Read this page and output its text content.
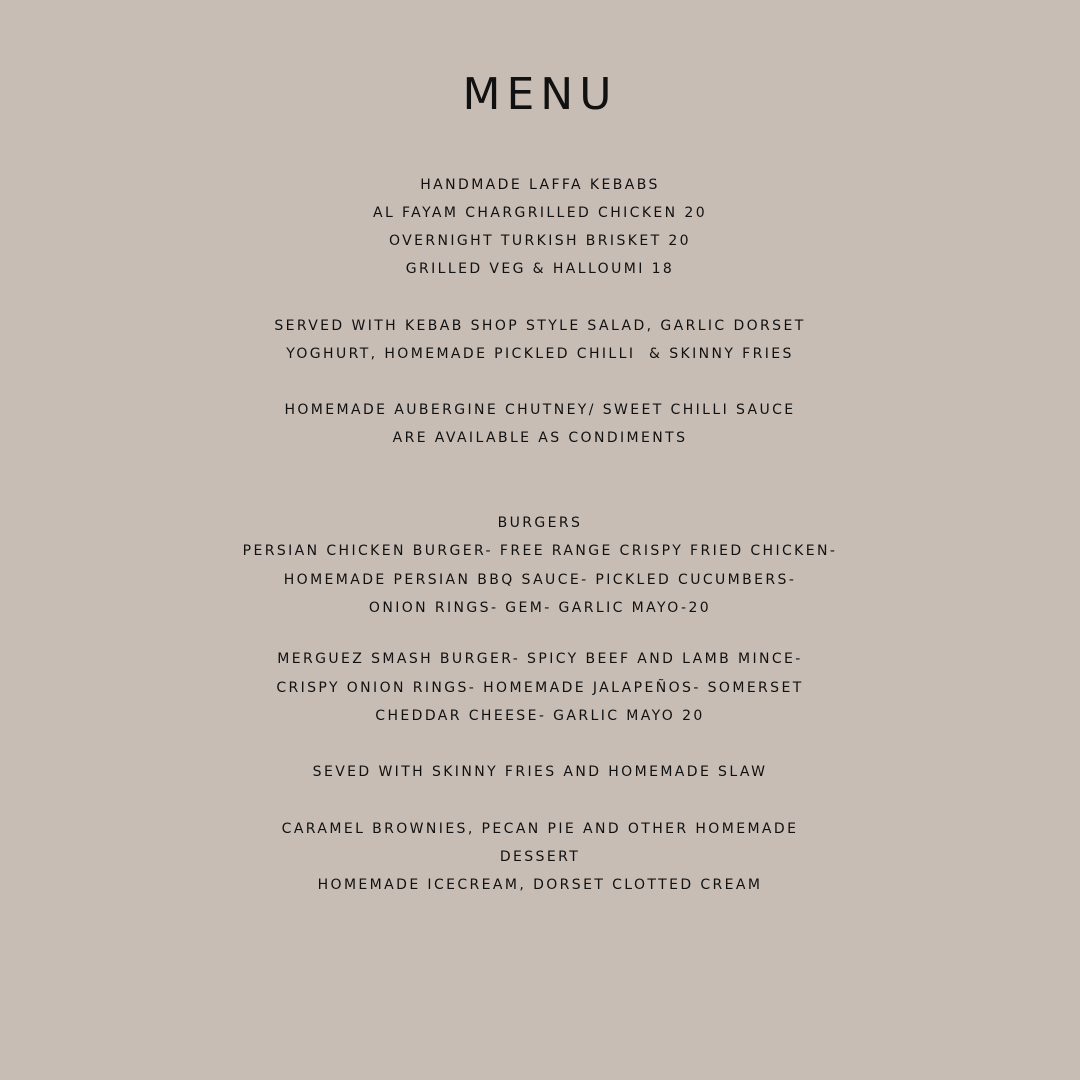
MENU
HANDMADE LAFFA KEBABS
AL FAYAM CHARGRILLED CHICKEN 20
OVERNIGHT TURKISH BRISKET 20
GRILLED VEG & HALLOUMI 18
SERVED WITH KEBAB SHOP STYLE SALAD, GARLIC DORSET
YOGHURT, HOMEMADE PICKLED CHILLI  & SKINNY FRIES
HOMEMADE AUBERGINE CHUTNEY/ SWEET CHILLI SAUCE
ARE AVAILABLE AS CONDIMENTS
BURGERS
PERSIAN CHICKEN BURGER- FREE RANGE CRISPY FRIED CHICKEN-
HOMEMADE PERSIAN BBQ SAUCE- PICKLED CUCUMBERS-
ONION RINGS- GEM- GARLIC MAYO-20
MERGUEZ SMASH BURGER- SPICY BEEF AND LAMB MINCE-
CRISPY ONION RINGS- HOMEMADE JALAPEÑOS- SOMERSET
CHEDDAR CHEESE- GARLIC MAYO 20
SEVED WITH SKINNY FRIES AND HOMEMADE SLAW
CARAMEL BROWNIES, PECAN PIE AND OTHER HOMEMADE
DESSERT
HOMEMADE ICECREAM, DORSET CLOTTED CREAM
